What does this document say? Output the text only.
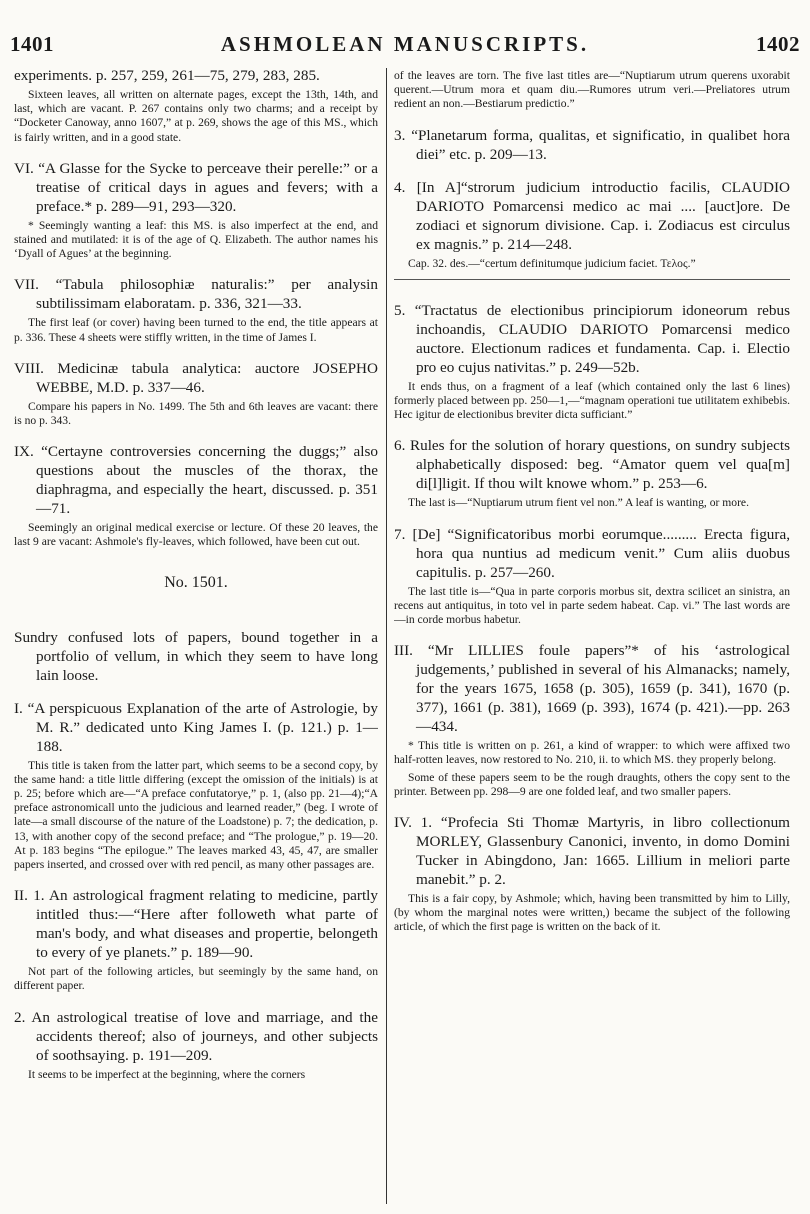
1401	ASHMOLEAN MANUSCRIPTS.	1402

experiments. p. 257, 259, 261—75, 279, 283, 285.

Sixteen leaves, all written on alternate pages, except the 13th, 14th, and last, which are vacant. P. 267 contains only two charms; and a receipt by “Docketer Canoway, anno 1607,” at p. 269, shows the age of this MS., which is fairly written, and in a good state.

VI. “A Glasse for the Sycke to perceave their perelle:” or a treatise of critical days in agues and fevers; with a preface.* p. 289—91, 293—320.

* Seemingly wanting a leaf: this MS. is also imperfect at the end, and stained and mutilated: it is of the age of Q. Elizabeth. The author names his ‘Dyall of Agues’ at the beginning.

VII. “Tabula philosophiæ naturalis:” per analysin subtilissimam elaboratam. p. 336, 321—33.

The first leaf (or cover) having been turned to the end, the title appears at p. 336. These 4 sheets were stiffly written, in the time of James I.

VIII. Medicinæ tabula analytica: auctore JOSEPHO WEBBE, M.D. p. 337—46.

Compare his papers in No. 1499. The 5th and 6th leaves are vacant: there is no p. 343.

IX. “Certayne controversies concerning the duggs;” also questions about the muscles of the thorax, the diaphragma, and especially the heart, discussed. p. 351—71.

Seemingly an original medical exercise or lecture. Of these 20 leaves, the last 9 are vacant: Ashmole's fly-leaves, which followed, have been cut out.

No. 1501.

Sundry confused lots of papers, bound together in a portfolio of vellum, in which they seem to have long lain loose.

I. “A perspicuous Explanation of the arte of Astrologie, by M. R.” dedicated unto King James I. (p. 121.) p. 1—188.

This title is taken from the latter part, which seems to be a second copy, by the same hand: a title little differing (except the omission of the initials) is at p. 25; before which are—“A preface confutatorye,” p. 1, (also pp. 21—4);“A preface astronomicall unto the judicious and learned reader,” (beg. I wrote of late—a small discourse of the nature of the Loadstone) p. 7; the dedication, p. 13, with another copy of the second preface; and “The prologue,” p. 19—20. At p. 183 begins “The epilogue.” The leaves marked 43, 45, 47, are smaller papers inserted, and crossed over with red pencil, as many other passages are.

II. 1. An astrological fragment relating to medicine, partly intitled thus:—“Here after followeth what parte of man's body, and what diseases and propertie, belongeth to every of ye planets.” p. 189—90.

Not part of the following articles, but seemingly by the same hand, on different paper.

2. An astrological treatise of love and marriage, and the accidents thereof; also of journeys, and other subjects of soothsaying. p. 191—209.

It seems to be imperfect at the beginning, where the corners

of the leaves are torn. The five last titles are—“Nuptiarum utrum querens uxorabit querent.—Utrum mora et quam diu.—Rumores utrum veri.—Preliatores utrum redient an non.—Bestiarum predictio.”

3. “Planetarum forma, qualitas, et significatio, in qualibet hora diei” etc. p. 209—13.

4. [In A]“strorum judicium introductio facilis, CLAUDIO DARIOTO Pomarcensi medico ac mai .... [auct]ore. De zodiaci et signorum divisione. Cap. i. Zodiacus est circulus ex magnis.” p. 214—248.

Cap. 32. des.—“certum definitumque judicium faciet. Τελος.”

5. “Tractatus de electionibus principiorum idoneorum rebus inchoandis, CLAUDIO DARIOTO Pomarcensi medico auctore. Electionum radices et fundamenta. Cap. i. Electio pro eo cujus nativitas.” p. 249—52b.

It ends thus, on a fragment of a leaf (which contained only the last 6 lines) formerly placed between pp. 250—1,—“magnam operationi tue utilitatem exhibebis. Hec igitur de electionibus breviter dicta sufficiant.”

6. Rules for the solution of horary questions, on sundry subjects alphabetically disposed: beg. “Amator quem vel qua[m] di[l]ligit. If thou wilt knowe whom.” p. 253—6.

The last is—“Nuptiarum utrum fient vel non.” A leaf is wanting, or more.

7. [De] “Significatoribus morbi eorumque......... Erecta figura, hora qua nuntius ad medicum venit.” Cum aliis duobus capitulis. p. 257—260.

The last title is—“Qua in parte corporis morbus sit, dextra scilicet an sinistra, an recens aut antiquitus, in toto vel in parte sedem habeat. Cap. vi.” The last words are—in corde morbus habetur.

III. “Mr LILLIES foule papers”* of his ‘astrological judgements,’ published in several of his Almanacks; namely, for the years 1675, 1658 (p. 305), 1659 (p. 341), 1670 (p. 377), 1661 (p. 381), 1669 (p. 393), 1674 (p. 421).—pp. 263—434.

* This title is written on p. 261, a kind of wrapper: to which were affixed two half-rotten leaves, now restored to No. 210, ii. to which MS. they properly belong.

Some of these papers seem to be the rough draughts, others the copy sent to the printer. Between pp. 298—9 are one folded leaf, and two smaller papers.

IV. 1. “Profecia Sti Thomæ Martyris, in libro collectionum MORLEY, Glassenbury Canonici, invento, in domo Domini Tucker in Abingdono, Jan: 1665. Lillium in meliori parte manebit.” p. 2.

This is a fair copy, by Ashmole; which, having been transmitted by him to Lilly, (by whom the marginal notes were written,) became the subject of the following article, of which the first page is written on the back of it.
